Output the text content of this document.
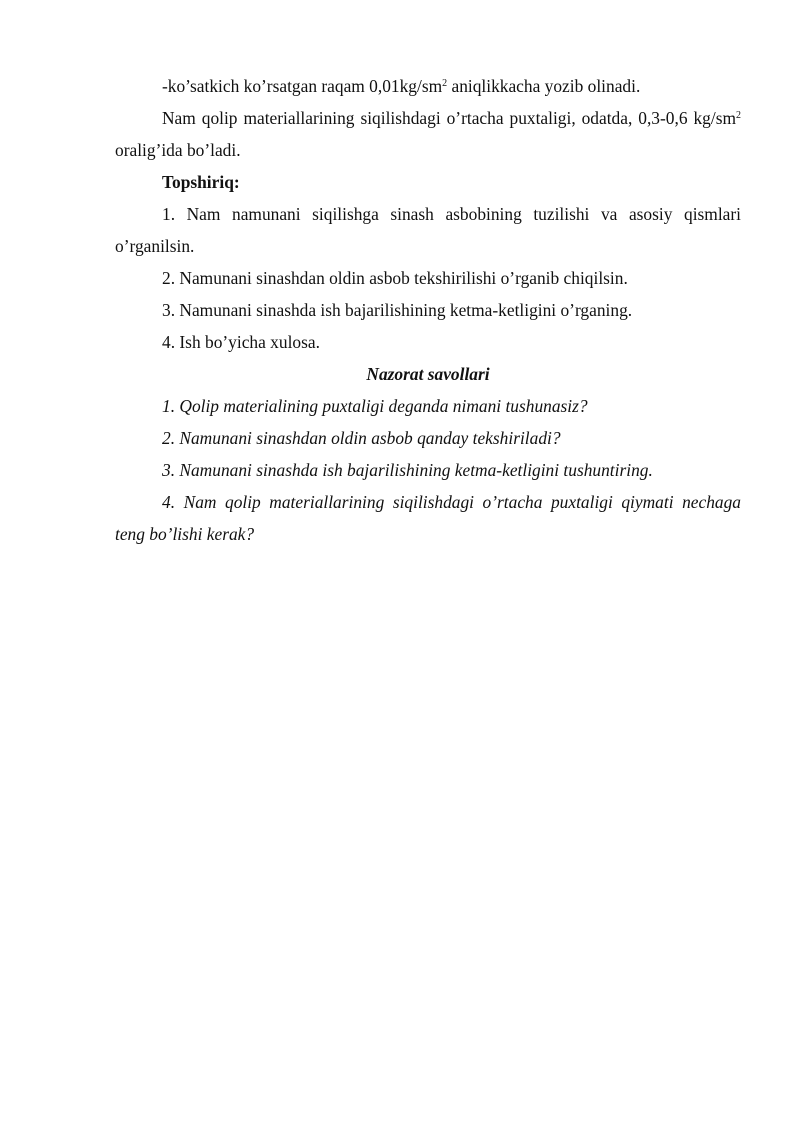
-ko’satkich ko’rsatgan raqam $0,01kg/sm^2$ aniqlikkacha yozib olinadi.

Nam qolip materiallarining siqilishdagi o’rtacha puxtaligi, odatda, 0,3-0,6 $kg/sm^2$ oralig’ida bo’ladi.

Topshiriq:

1. Nam namunani siqilishga sinash asbobining tuzilishi va asosiy qismlari o’rganilsin.

2. Namunani sinashdan oldin asbob tekshirilishi o’rganib chiqilsin.

3. Namunani sinashda ish bajarilishining ketma-ketligini o’rganing.

4. Ish bo’yicha xulosa.

Nazorat savollari

1. Qolip materialining puxtaligi deganda nimani tushunasiz?

2. Namunani sinashdan oldin asbob qanday tekshiriladi?

3. Namunani sinashda ish bajarilishining ketma-ketligini tushuntiring.

4. Nam qolip materiallarining siqilishdagi o’rtacha puxtaligi qiymati nechaga teng bo’lishi kerak?
